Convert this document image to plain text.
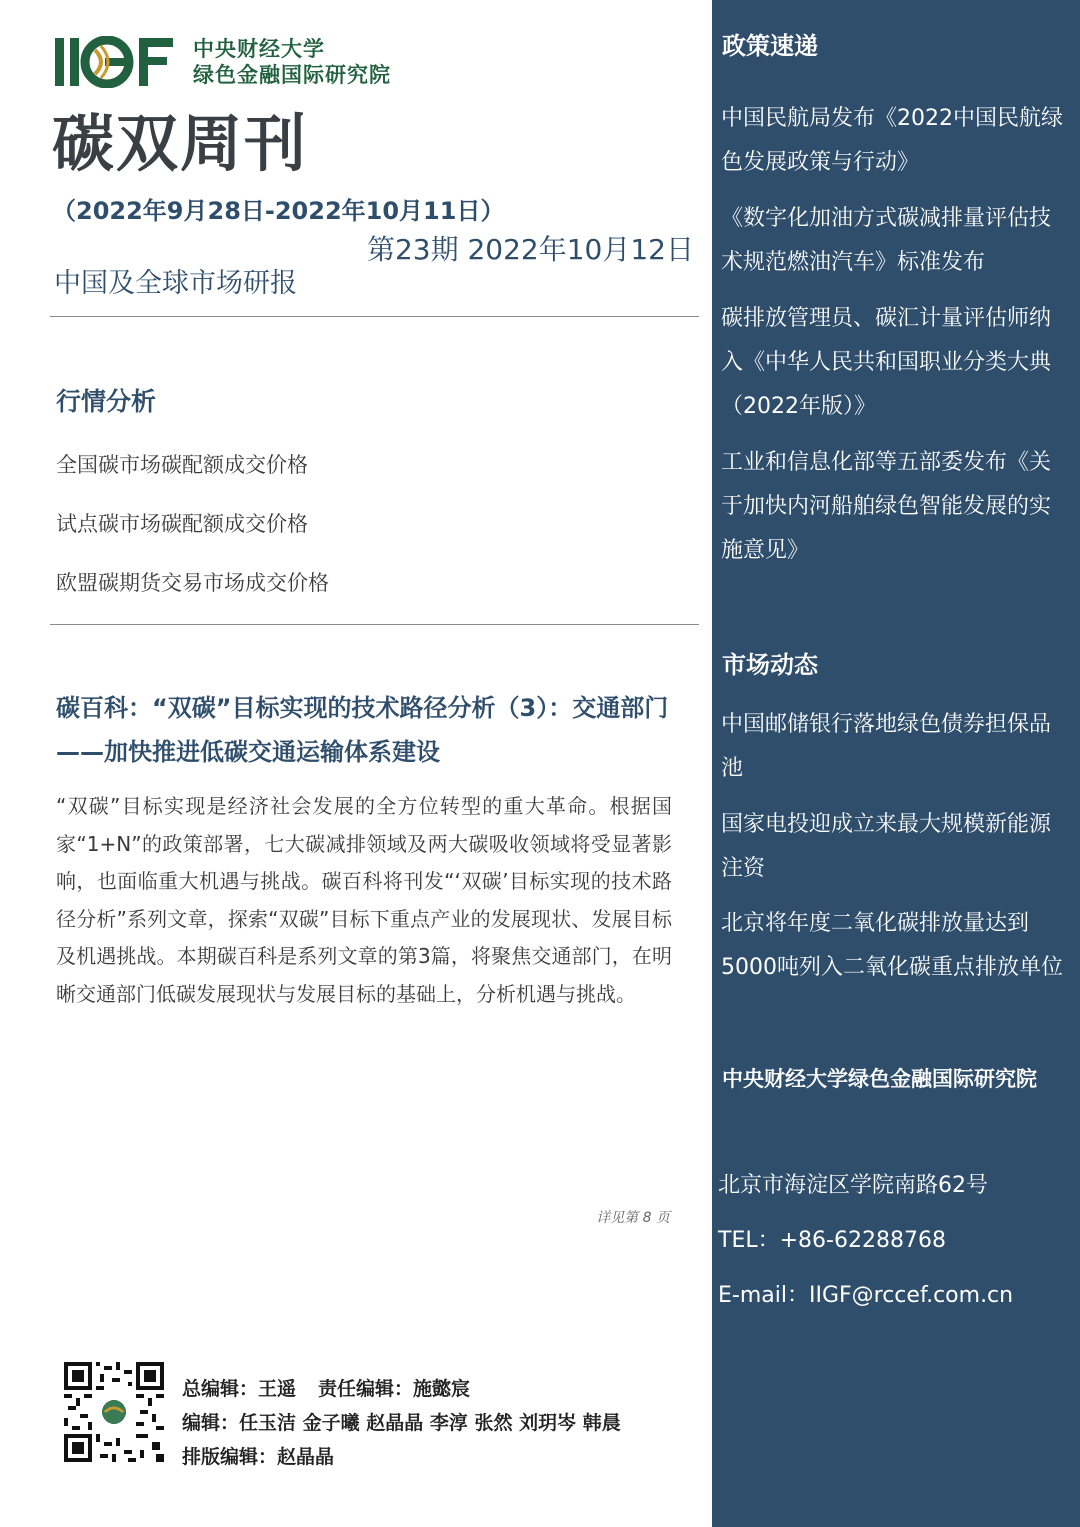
中央财经大学
绿色金融国际研究院
碳双周刊
（2022年9月28日-2022年10月11日）
第23期 2022年10月12日
中国及全球市场研报
行情分析
全国碳市场碳配额成交价格
试点碳市场碳配额成交价格
欧盟碳期货交易市场成交价格
碳百科：“双碳”目标实现的技术路径分析（3）：交通部门——加快推进低碳交通运输体系建设
“双碳”目标实现是经济社会发展的全方位转型的重大革命。根据国家“1+N”的政策部署，七大碳减排领域及两大碳吸收领域将受显著影响，也面临重大机遇与挑战。碳百科将刊发“‘双碳’目标实现的技术路径分析”系列文章，探索“双碳”目标下重点产业的发展现状、发展目标及机遇挑战。本期碳百科是系列文章的第3篇，将聚焦交通部门，在明晰交通部门低碳发展现状与发展目标的基础上，分析机遇与挑战。
详见第 8 页
总编辑：王遥 责任编辑：施懿宸
编辑：任玉洁 金子曦 赵晶晶 李淳 张然 刘玥岑 韩晨
排版编辑：赵晶晶
政策速递
中国民航局发布《2022中国民航绿色发展政策与行动》
《数字化加油方式碳减排量评估技术规范燃油汽车》标准发布
碳排放管理员、碳汇计量评估师纳入《中华人民共和国职业分类大典（2022年版）》
工业和信息化部等五部委发布《关于加快内河船舶绿色智能发展的实施意见》
市场动态
中国邮储银行落地绿色债券担保品池
国家电投迎成立来最大规模新能源注资
北京将年度二氧化碳排放量达到5000吨列入二氧化碳重点排放单位
中央财经大学绿色金融国际研究院
北京市海淀区学院南路62号
TEL：+86-62288768
E-mail：IIGF@rccef.com.cn
